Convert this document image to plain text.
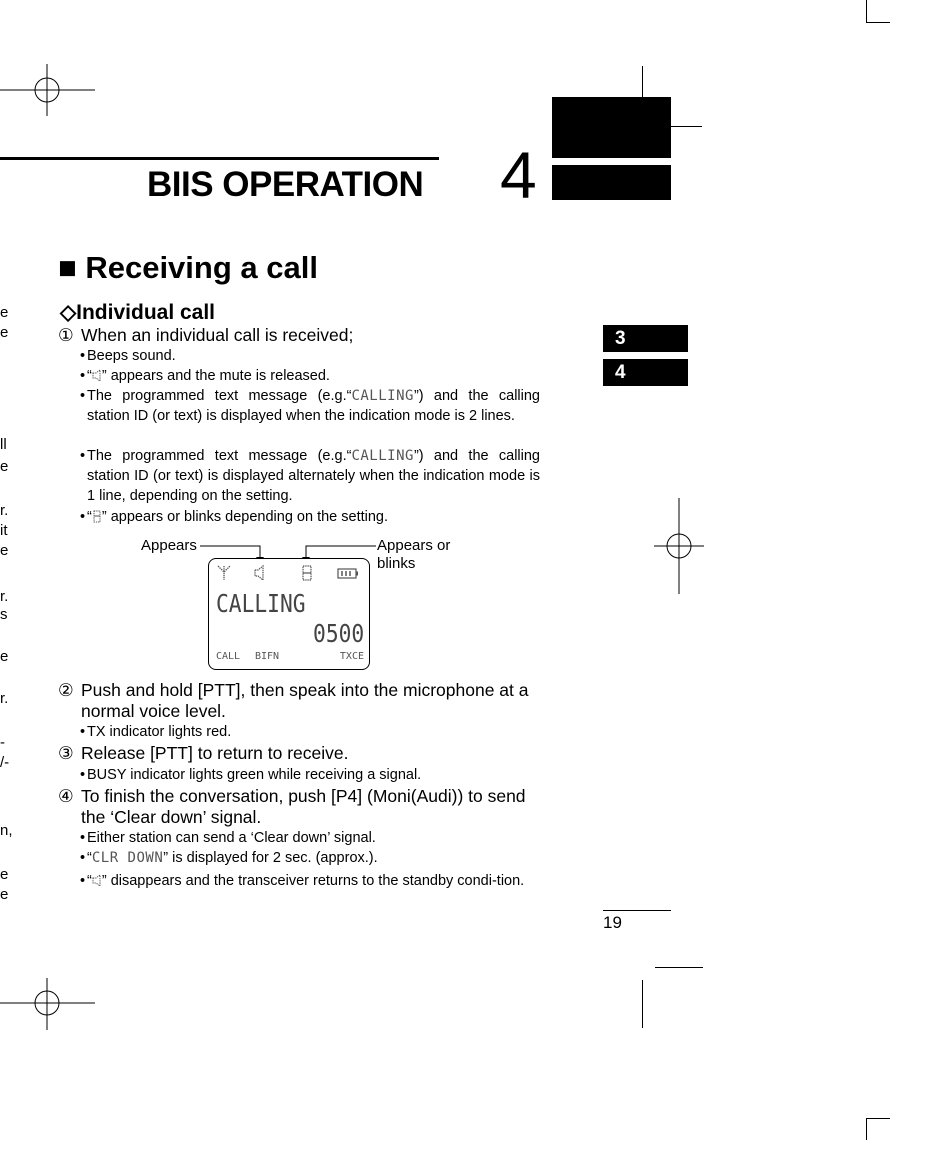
BIIS OPERATION 4
■ Receiving a call
◇Individual call
① When an individual call is received;
• Beeps sound.
• “ ” appears and the mute is released.
• The programmed text message (e.g.“CALLING”) and the calling station ID (or text) is displayed when the indication mode is 2 lines.
• The programmed text message (e.g.“CALLING”) and the calling station ID (or text) is displayed alternately when the indication mode is 1 line, depending on the setting.
• “ ” appears or blinks depending on the setting.
Appears	Appears or blinks
CALLING
0500
CALL BIFN	TXCE
② Push and hold [PTT], then speak into the microphone at a normal voice level.
• TX indicator lights red.
③ Release [PTT] to return to receive.
• BUSY indicator lights green while receiving a signal.
④ To finish the conversation, push [P4] (Moni(Audi)) to send the ‘Clear down’ signal.
• Either station can send a ‘Clear down’ signal.
• “CLR DOWN” is displayed for 2 sec. (approx.).
• “ ” disappears and the transceiver returns to the standby condi-tion.
3
4
19
e
e
ll
e
r.
it
e
r.
s
e
r.
-
/-
n,
e
e
